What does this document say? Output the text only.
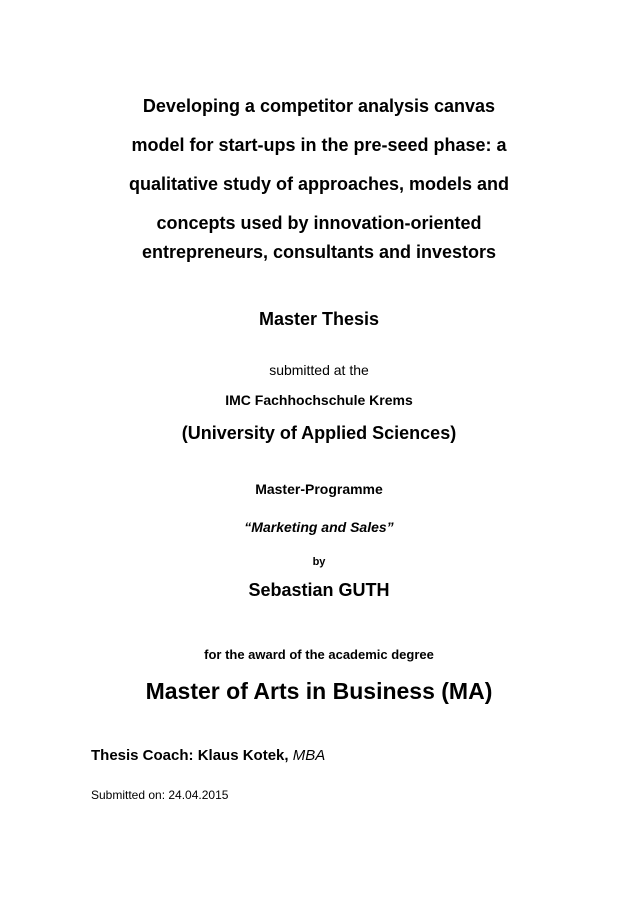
Developing a competitor analysis canvas
model for start-ups in the pre-seed phase: a
qualitative study of approaches, models and
concepts used by innovation-oriented
entrepreneurs, consultants and investors
Master Thesis
submitted at the
IMC Fachhochschule Krems
(University of Applied Sciences)
Master-Programme
“Marketing and Sales”
by
Sebastian GUTH
for the award of the academic degree
Master of Arts in Business (MA)
Thesis Coach: Klaus Kotek, MBA
Submitted on: 24.04.2015
